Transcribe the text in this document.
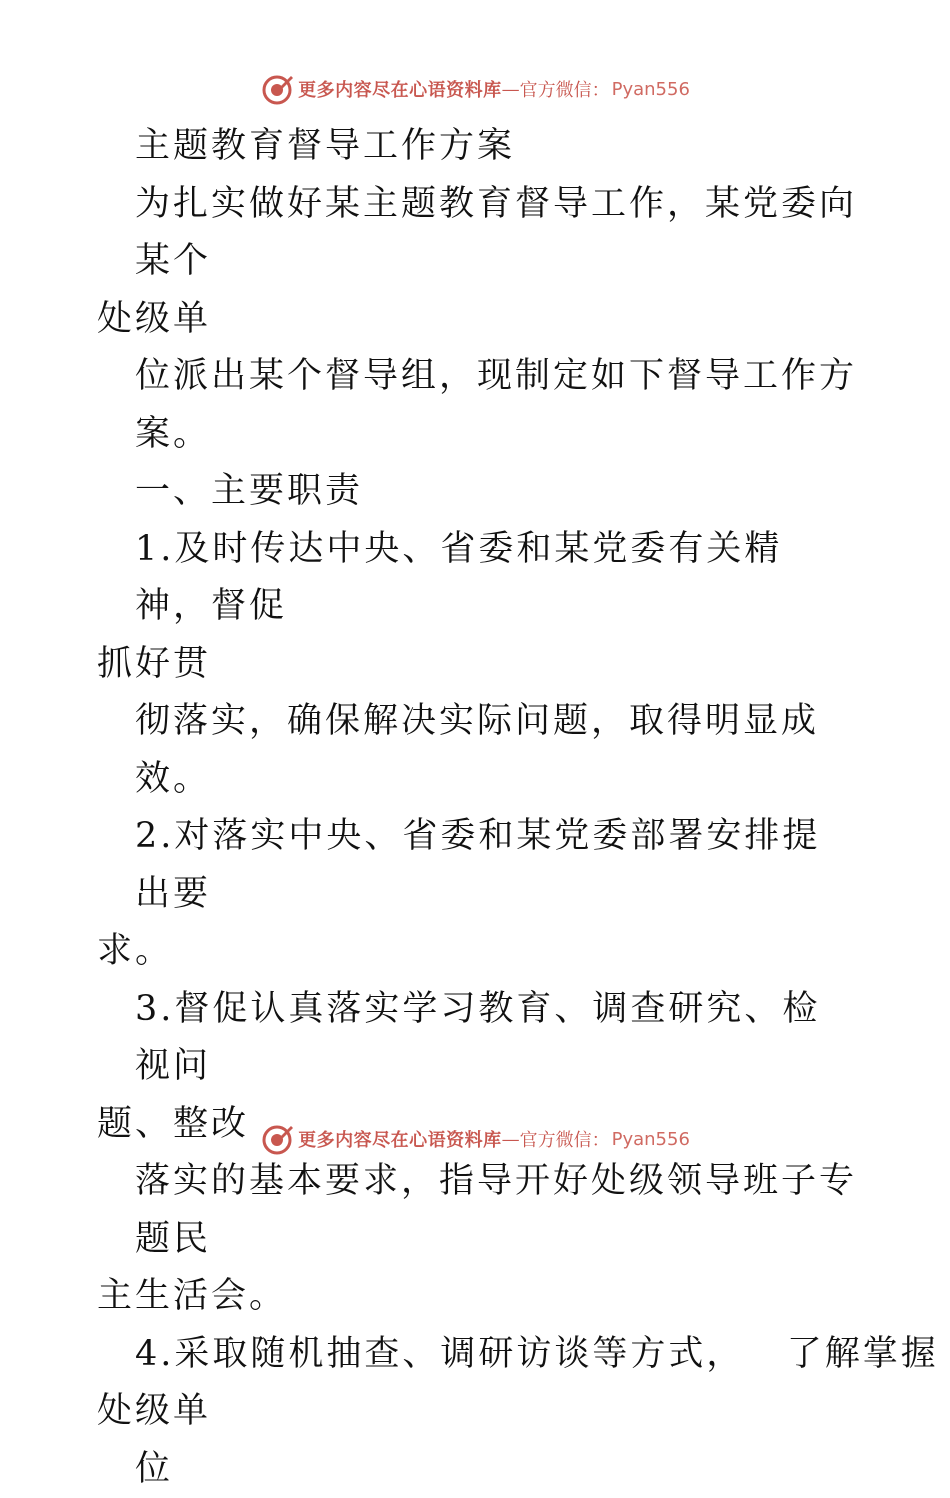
更多内容尽在心语资料库 — 官方微信： Pyan556

主题教育督导工作方案

为扎实做好某主题教育督导工作，某党委向某个

处级单

位派出某个督导组，现制定如下督导工作方案。

一、主要职责

1.及时传达中央、省委和某党委有关精神，督促

抓好贯

彻落实，确保解决实际问题，取得明显成效。

2.对落实中央、省委和某党委部署安排提出要

求。

3.督促认真落实学习教育、调查研究、检视问

题、整改

落实的基本要求，指导开好处级领导班子专题民

主生活会。

4.采取随机抽查、调研访谈等方式，   了解掌握

处级单

位

更多内容尽在心语资料库 — 官方微信： Pyan556
